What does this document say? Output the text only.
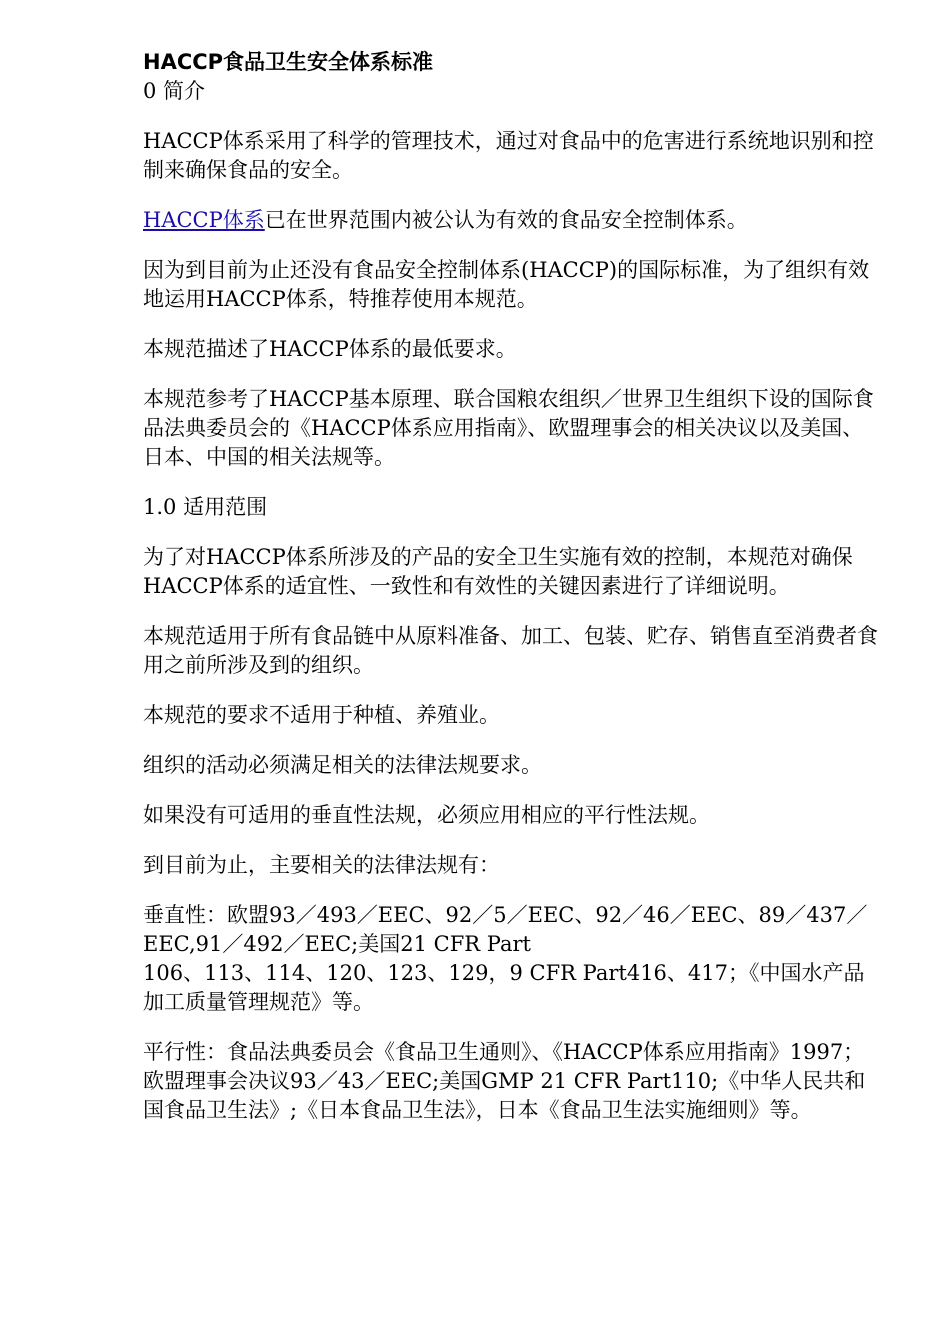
HACCP食品卫生安全体系标准
0 简介

HACCP体系采用了科学的管理技术，通过对食品中的危害进行系统地识别和控制来确保食品的安全。

HACCP体系已在世界范围内被公认为有效的食品安全控制体系。

因为到目前为止还没有食品安全控制体系(HACCP)的国际标准，为了组织有效地运用HACCP体系，特推荐使用本规范。

本规范描述了HACCP体系的最低要求。

本规范参考了HACCP基本原理、联合国粮农组织／世界卫生组织下设的国际食品法典委员会的《HACCP体系应用指南》、欧盟理事会的相关决议以及美国、日本、中国的相关法规等。

1.0 适用范围

为了对HACCP体系所涉及的产品的安全卫生实施有效的控制，本规范对确保HACCP体系的适宜性、一致性和有效性的关键因素进行了详细说明。

本规范适用于所有食品链中从原料准备、加工、包装、贮存、销售直至消费者食用之前所涉及到的组织。

本规范的要求不适用于种植、养殖业。

组织的活动必须满足相关的法律法规要求。

如果没有可适用的垂直性法规，必须应用相应的平行性法规。

到目前为止，主要相关的法律法规有：

垂直性：欧盟93／493／EEC、92／5／EEC、92／46／EEC、89／437／EEC,91／492／EEC;美国21 CFR Part
106、113、114、120、123、129，9 CFR Part416、417；《中国水产品加工质量管理规范》等。

平行性：食品法典委员会《食品卫生通则》、《HACCP体系应用指南》1997；欧盟理事会决议93／43／EEC;美国GMP 21 CFR Part110;《中华人民共和国食品卫生法》;《日本食品卫生法》，日本《食品卫生法实施细则》等。
